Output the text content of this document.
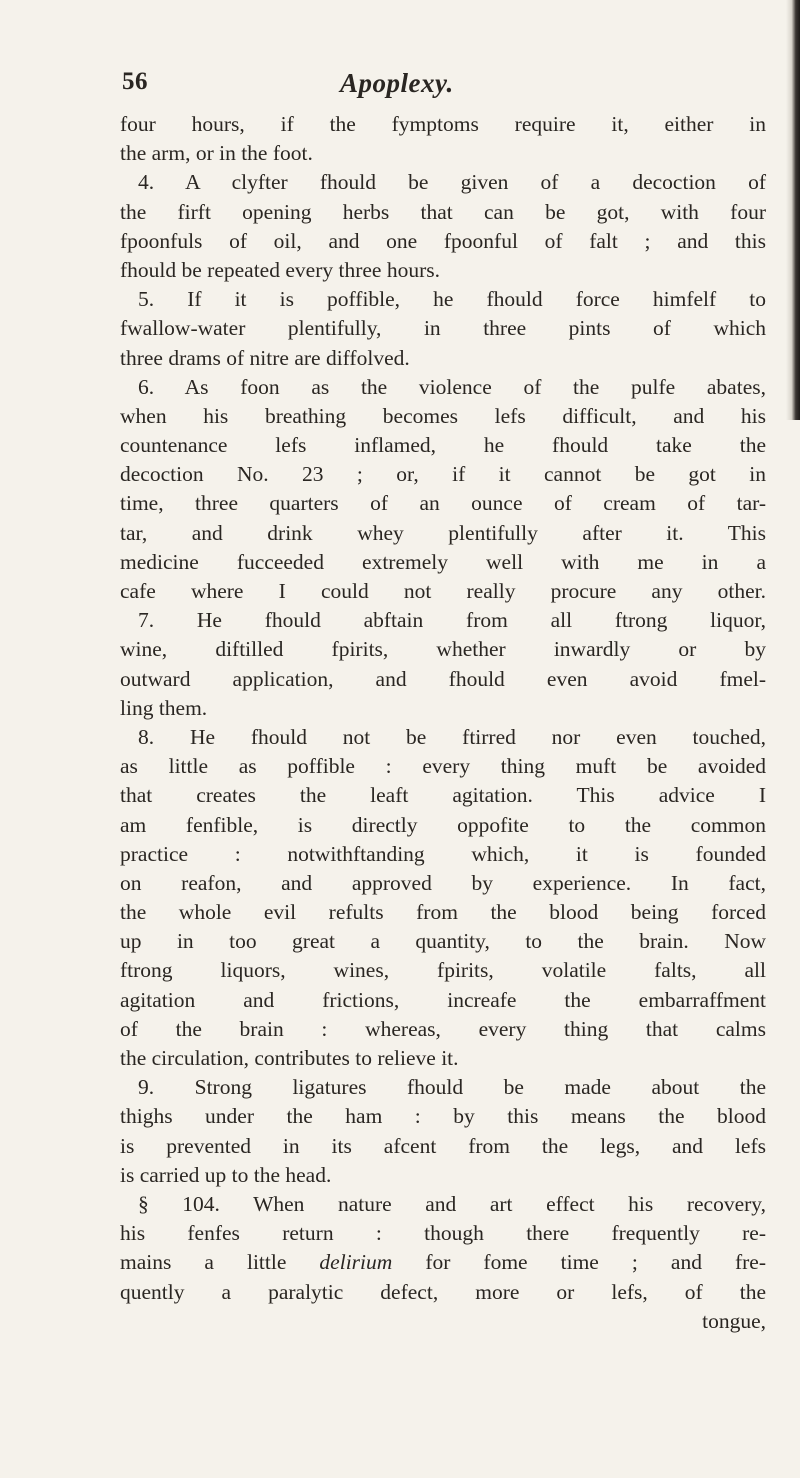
56	Apoplexy.
four hours, if the fymptoms require it, either in
the arm, or in the foot.
4. A clyfter fhould be given of a decoction of
the firft opening herbs that can be got, with four
fpoonfuls of oil, and one fpoonful of falt ; and this
fhould be repeated every three hours.
5. If it is poffible, he fhould force himfelf to
fwallow-water plentifully, in three pints of which
three drams of nitre are diffolved.
6. As foon as the violence of the pulfe abates,
when his breathing becomes lefs difficult, and his
countenance lefs inflamed, he fhould take the
decoction No. 23 ; or, if it cannot be got in
time, three quarters of an ounce of cream of tar-
tar, and drink whey plentifully after it. This
medicine fucceeded extremely well with me in a
cafe where I could not really procure any other.
7. He fhould abftain from all ftrong liquor,
wine, diftilled fpirits, whether inwardly or by
outward application, and fhould even avoid fmel-
ling them.
8. He fhould not be ftirred nor even touched,
as little as poffible : every thing muft be avoided
that creates the leaft agitation. This advice I
am fenfible, is directly oppofite to the common
practice : notwithftanding which, it is founded
on reafon, and approved by experience. In fact,
the whole evil refults from the blood being forced
up in too great a quantity, to the brain. Now
ftrong liquors, wines, fpirits, volatile falts, all
agitation and frictions, increafe the embarraffment
of the brain : whereas, every thing that calms
the circulation, contributes to relieve it.
9. Strong ligatures fhould be made about the
thighs under the ham : by this means the blood
is prevented in its afcent from the legs, and lefs
is carried up to the head.
§ 104. When nature and art effect his recovery,
his fenfes return : though there frequently re-
mains a little delirium for fome time ; and fre-
quently a paralytic defect, more or lefs, of the
tongue,
